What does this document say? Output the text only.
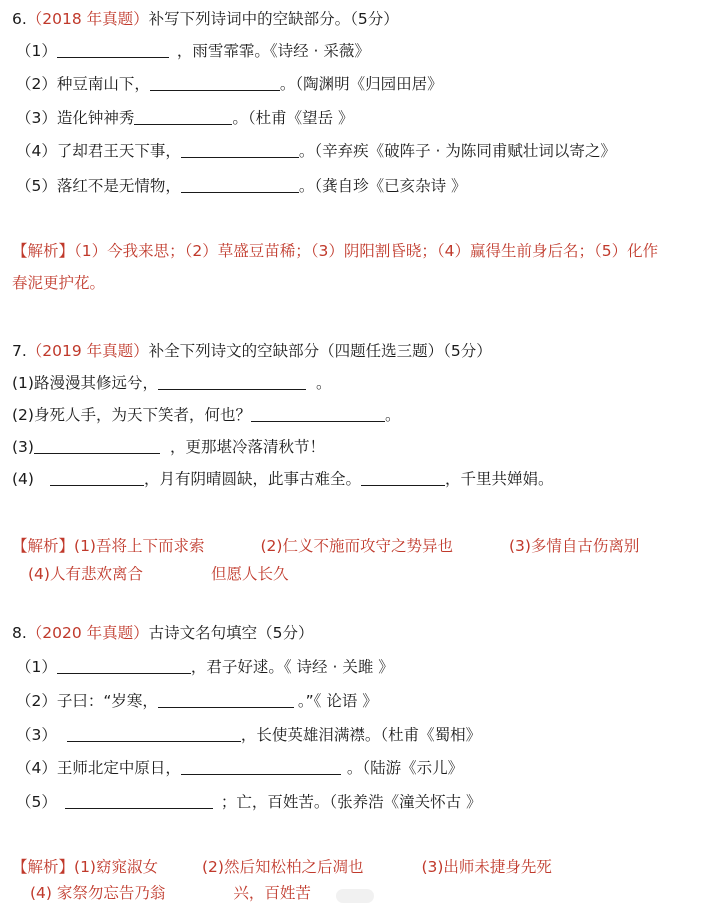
6.（2018 年真题）补写下列诗词中的空缺部分。（5分）
（1）	，雨雪霏霏。《诗经 · 采薇》
（2）种豆南山下，	。（陶渊明《归园田居》
（3）造化钟神秀	。（杜甫《望岳 》
（4）了却君王天下事，	。（辛弃疾《破阵子 · 为陈同甫赋壮词以寄之》
（5）落红不是无情物，	。（龚自珍《已亥杂诗 》
【解析】（1）今我来思；（2）草盛豆苗稀；（3）阴阳割昏晓；（4）赢得生前身后名；（5）化作
春泥更护花。
7.（2019 年真题）补全下列诗文的空缺部分（四题任选三题）（5分）
(1)路漫漫其修远兮，	。
(2)身死人手，为天下笑者，何也？	。
(3)	，更那堪冷落清秋节！
(4)	，月有阴晴圆缺，此事古难全。	，千里共婵娟。
【解析】(1)吾将上下而求索	(2)仁义不施而攻守之势异也	(3)多情自古伤离别
(4)人有悲欢离合	但愿人长久
8.（2020 年真题）古诗文名句填空（5分）
（1）	，君子好逑。《 诗经 · 关雎 》
（2）子曰：“岁寒，	。”《 论语 》
（3）	，长使英雄泪满襟。（杜甫《蜀相》
（4）王师北定中原日，	。（陆游《示儿》
（5）	；亡，百姓苦。（张养浩《潼关怀古 》
【解析】(1)窈窕淑女	(2)然后知松柏之后凋也	(3)出师未捷身先死
(4) 家祭勿忘告乃翁	兴，百姓苦
